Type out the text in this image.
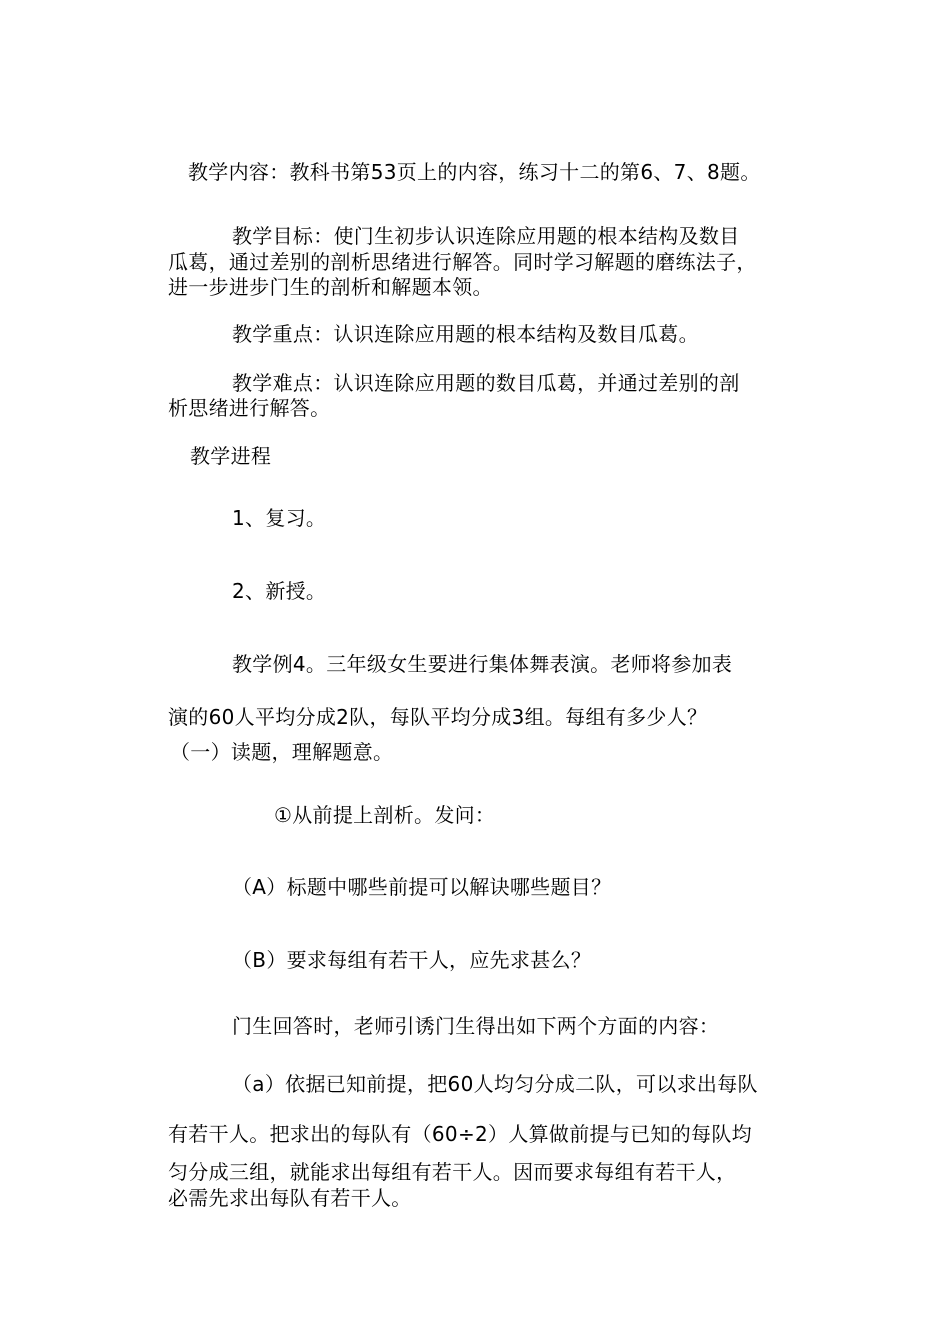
教学内容：教科书第53页上的内容，练习十二的第6、7、8题。
教学目标：使门生初步认识连除应用题的根本结构及数目
瓜葛，通过差别的剖析思绪进行解答。同时学习解题的磨练法子，
进一步进步门生的剖析和解题本领。
教学重点：认识连除应用题的根本结构及数目瓜葛。
教学难点：认识连除应用题的数目瓜葛，并通过差别的剖
析思绪进行解答。
教学进程
1、复习。
2、新授。
教学例4。三年级女生要进行集体舞表演。老师将参加表
演的60人平均分成2队，每队平均分成3组。每组有多少人？
（一）读题，理解题意。
①从前提上剖析。发问：
（A）标题中哪些前提可以解诀哪些题目？
（B）要求每组有若干人，应先求甚么？
门生回答时，老师引诱门生得出如下两个方面的内容：
（a）依据已知前提，把60人均匀分成二队，可以求出每队
有若干人。把求出的每队有（60÷2）人算做前提与已知的每队均
匀分成三组，就能求出每组有若干人。因而要求每组有若干人，
必需先求出每队有若干人。
